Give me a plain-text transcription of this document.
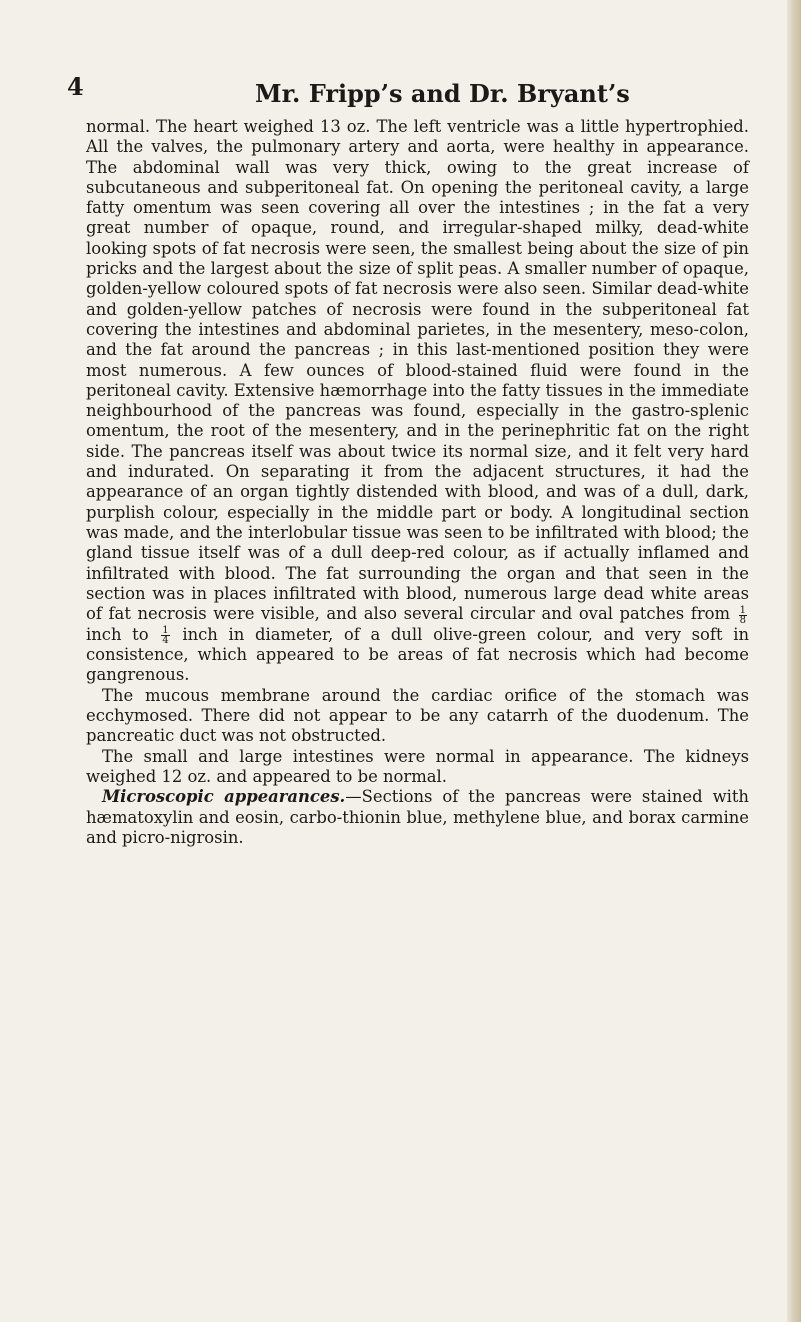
4	Mr. Fripp’s and Dr. Bryant’s

normal. The heart weighed 13 oz. The left ventricle was a little hypertrophied. All the valves, the pulmonary artery and aorta, were healthy in appearance. The abdominal wall was very thick, owing to the great increase of subcutaneous and subperitoneal fat. On opening the peritoneal cavity, a large fatty omentum was seen covering all over the intestines ; in the fat a very great number of opaque, round, and irregular-shaped milky, dead-white looking spots of fat necrosis were seen, the smallest being about the size of pin pricks and the largest about the size of split peas. A smaller number of opaque, golden-yellow coloured spots of fat necrosis were also seen. Similar dead-white and golden-yellow patches of necrosis were found in the subperitoneal fat covering the intestines and abdominal parietes, in the mesentery, meso-colon, and the fat around the pancreas ; in this last-mentioned position they were most numerous. A few ounces of blood-stained fluid were found in the peritoneal cavity. Extensive hæmorrhage into the fatty tissues in the immediate neighbourhood of the pancreas was found, especially in the gastro-splenic omentum, the root of the mesentery, and in the perinephritic fat on the right side. The pancreas itself was about twice its normal size, and it felt very hard and indurated. On separating it from the adjacent structures, it had the appearance of an organ tightly distended with blood, and was of a dull, dark, purplish colour, especially in the middle part or body. A longitudinal section was made, and the interlobular tissue was seen to be infiltrated with blood; the gland tissue itself was of a dull deep-red colour, as if actually inflamed and infiltrated with blood. The fat surrounding the organ and that seen in the section was in places infiltrated with blood, numerous large dead white areas of fat necrosis were visible, and also several circular and oval patches from $\frac{1}{8}$
inch to $\frac{1}{4}$ inch in diameter, of a dull olive-green colour, and very soft in consistence, which appeared to be areas of fat necrosis which had become gangrenous.

The mucous membrane around the cardiac orifice of the stomach was ecchymosed. There did not appear to be any catarrh of the duodenum. The pancreatic duct was not obstructed.

The small and large intestines were normal in appearance. The kidneys weighed 12 oz. and appeared to be normal.

Microscopic appearances.—Sections of the pancreas were stained with hæmatoxylin and eosin, carbo-thionin blue, methylene blue, and borax carmine and picro-nigrosin.
